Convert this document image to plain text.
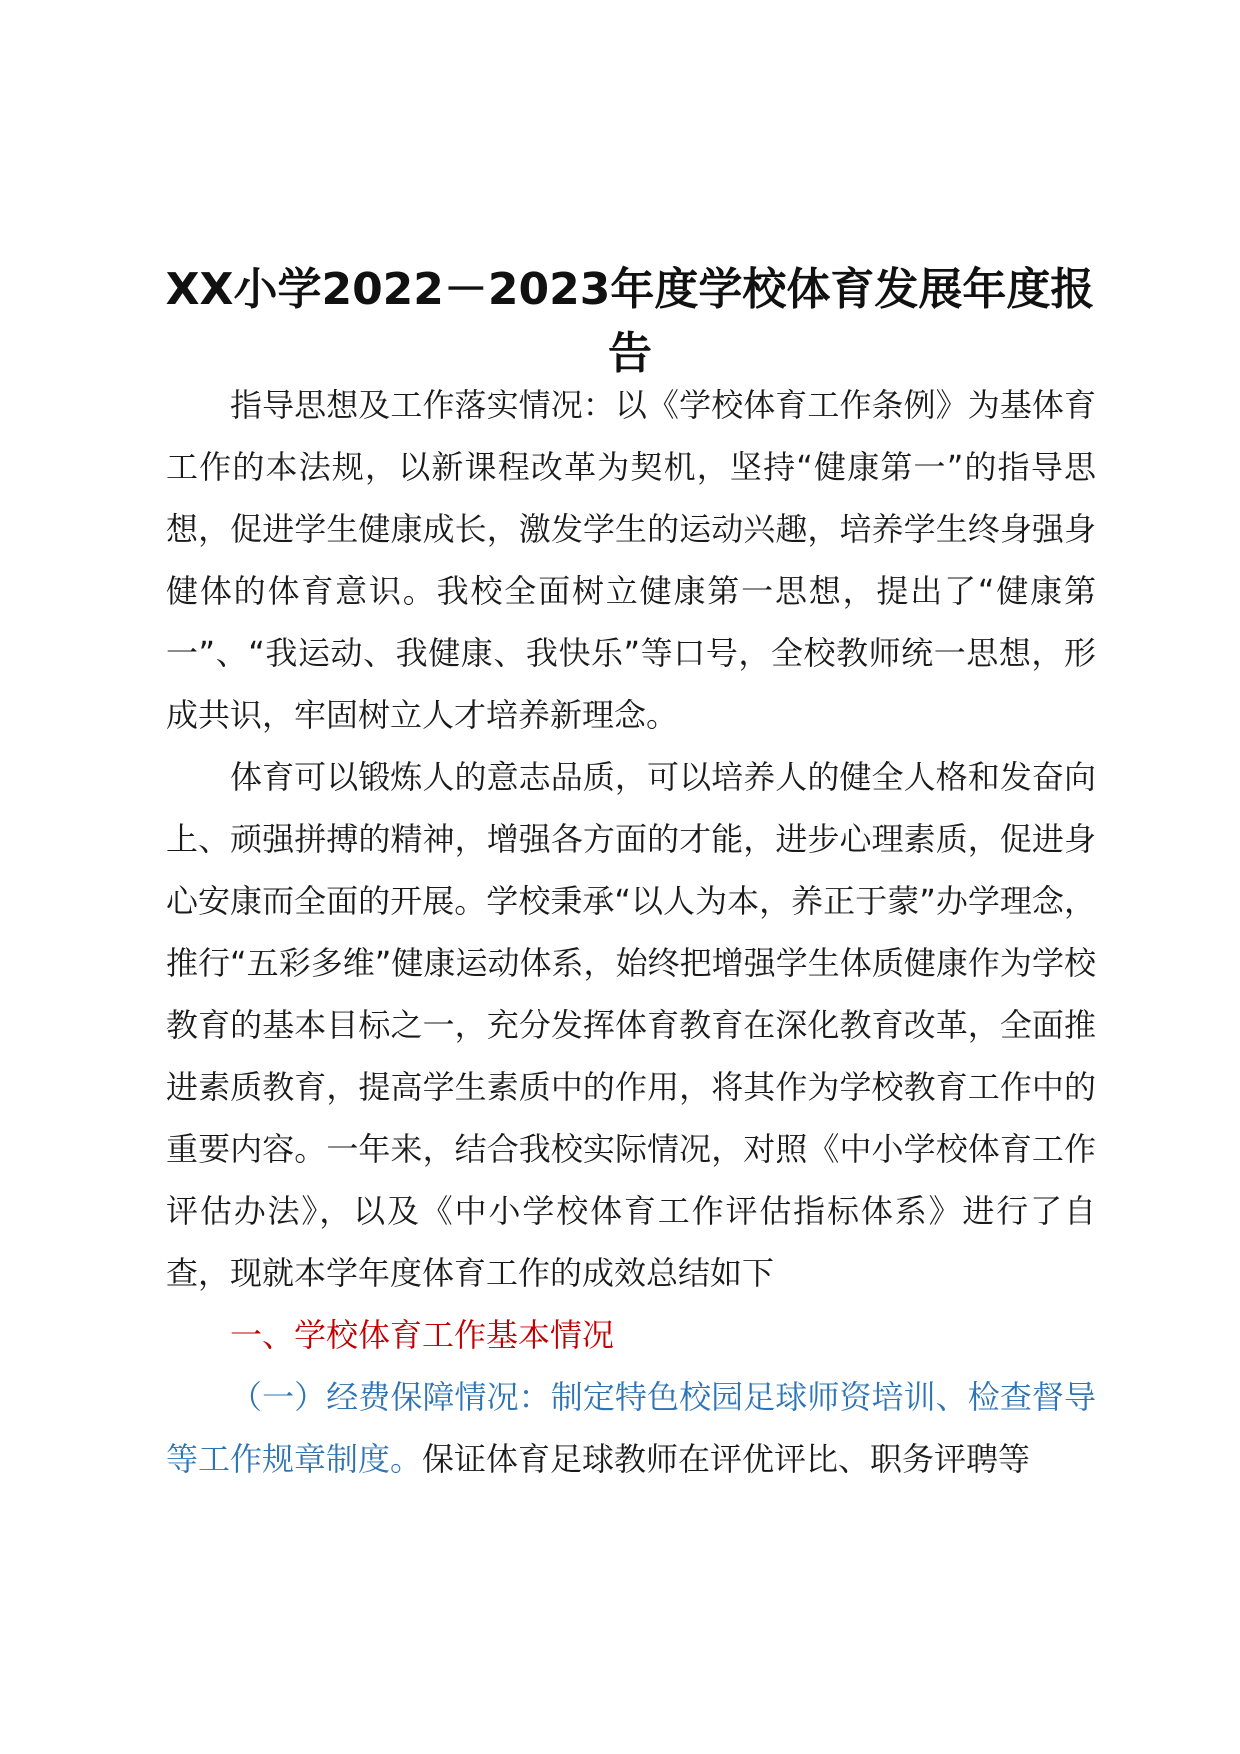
XX小学2022－2023年度学校体育发展年度报告

指导思想及工作落实情况：以《学校体育工作条例》为基体育工作的本法规，以新课程改革为契机，坚持“健康第一”的指导思想，促进学生健康成长，激发学生的运动兴趣，培养学生终身强身健体的体育意识。我校全面树立健康第一思想，提出了“健康第一”、“我运动、我健康、我快乐”等口号，全校教师统一思想，形成共识，牢固树立人才培养新理念。

体育可以锻炼人的意志品质，可以培养人的健全人格和发奋向上、顽强拼搏的精神，增强各方面的才能，进步心理素质，促进身心安康而全面的开展。学校秉承“以人为本，养正于蒙”办学理念，推行“五彩多维”健康运动体系，始终把增强学生体质健康作为学校教育的基本目标之一，充分发挥体育教育在深化教育改革，全面推进素质教育，提高学生素质中的作用，将其作为学校教育工作中的重要内容。一年来，结合我校实际情况，对照《中小学校体育工作评估办法》，以及《中小学校体育工作评估指标体系》进行了自查，现就本学年度体育工作的成效总结如下

一、学校体育工作基本情况

（一）经费保障情况：制定特色校园足球师资培训、检查督导等工作规章制度。保证体育足球教师在评优评比、职务评聘等
